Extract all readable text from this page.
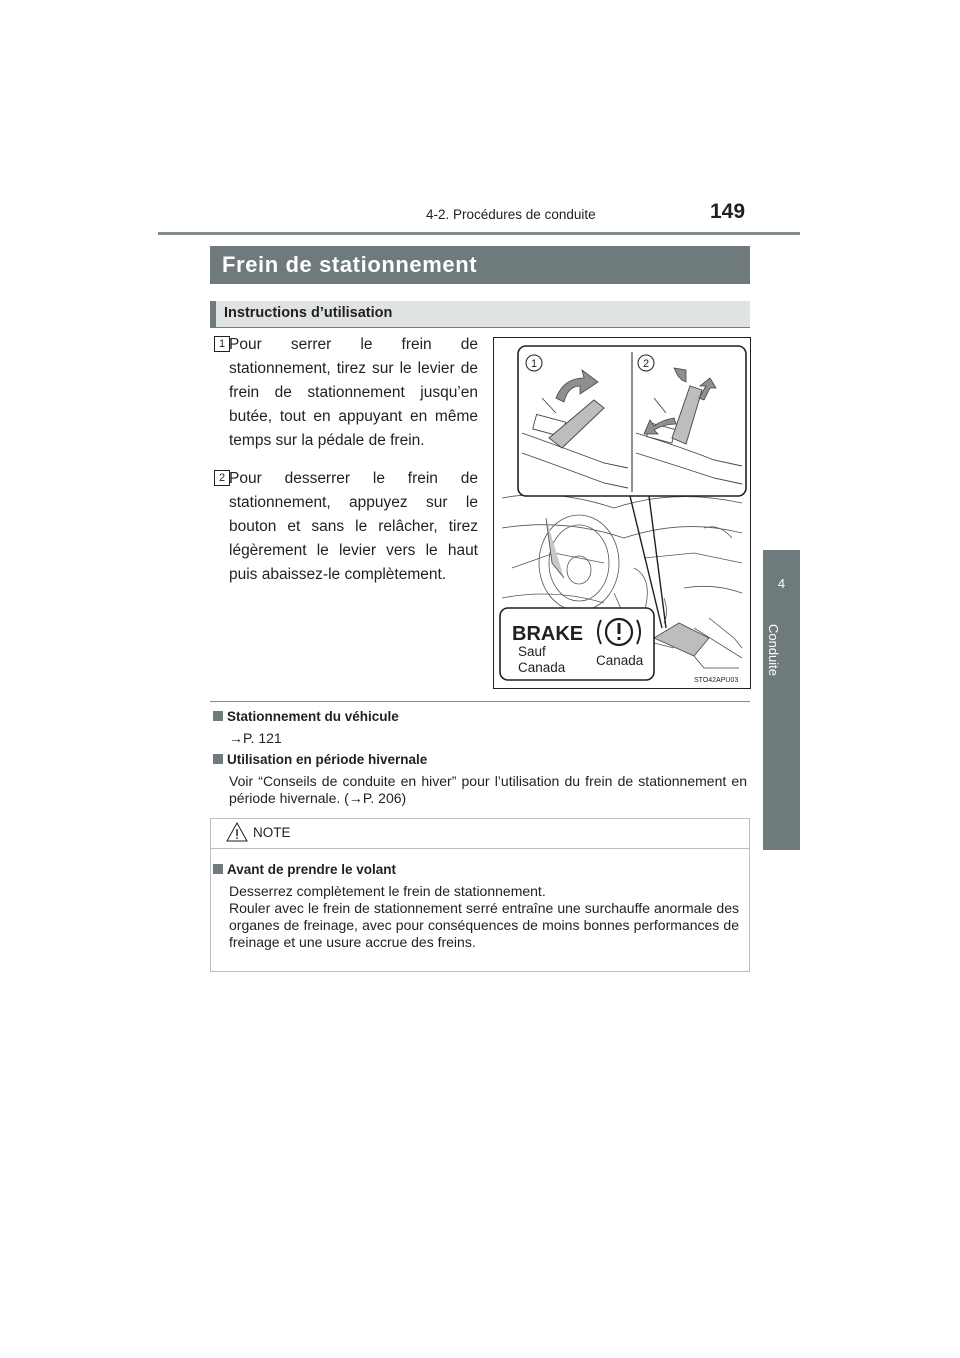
4-2. Procédures de conduite	149
4
Conduite
Frein de stationnement
Instructions d’utilisation
1 Pour serrer le frein de stationnement, tirez sur le levier de frein de stationnement jusqu’en butée, tout en appuyant en même temps sur la pédale de frein.
2 Pour desserrer le frein de stationnement, appuyez sur le bouton et sans le relâcher, tirez légèrement le levier vers le haut puis abaissez-le complètement.
1	2
BRAKE
Sauf
Canada Canada
STO42APU03
Stationnement du véhicule
→P. 121
Utilisation en période hivernale
Voir “Conseils de conduite en hiver” pour l’utilisation du frein de stationnement en période hivernale. (→P. 206)
NOTE
Avant de prendre le volant
Desserrez complètement le frein de stationnement.
Rouler avec le frein de stationnement serré entraîne une surchauffe anormale des organes de freinage, avec pour conséquences de moins bonnes performances de freinage et une usure accrue des freins.
